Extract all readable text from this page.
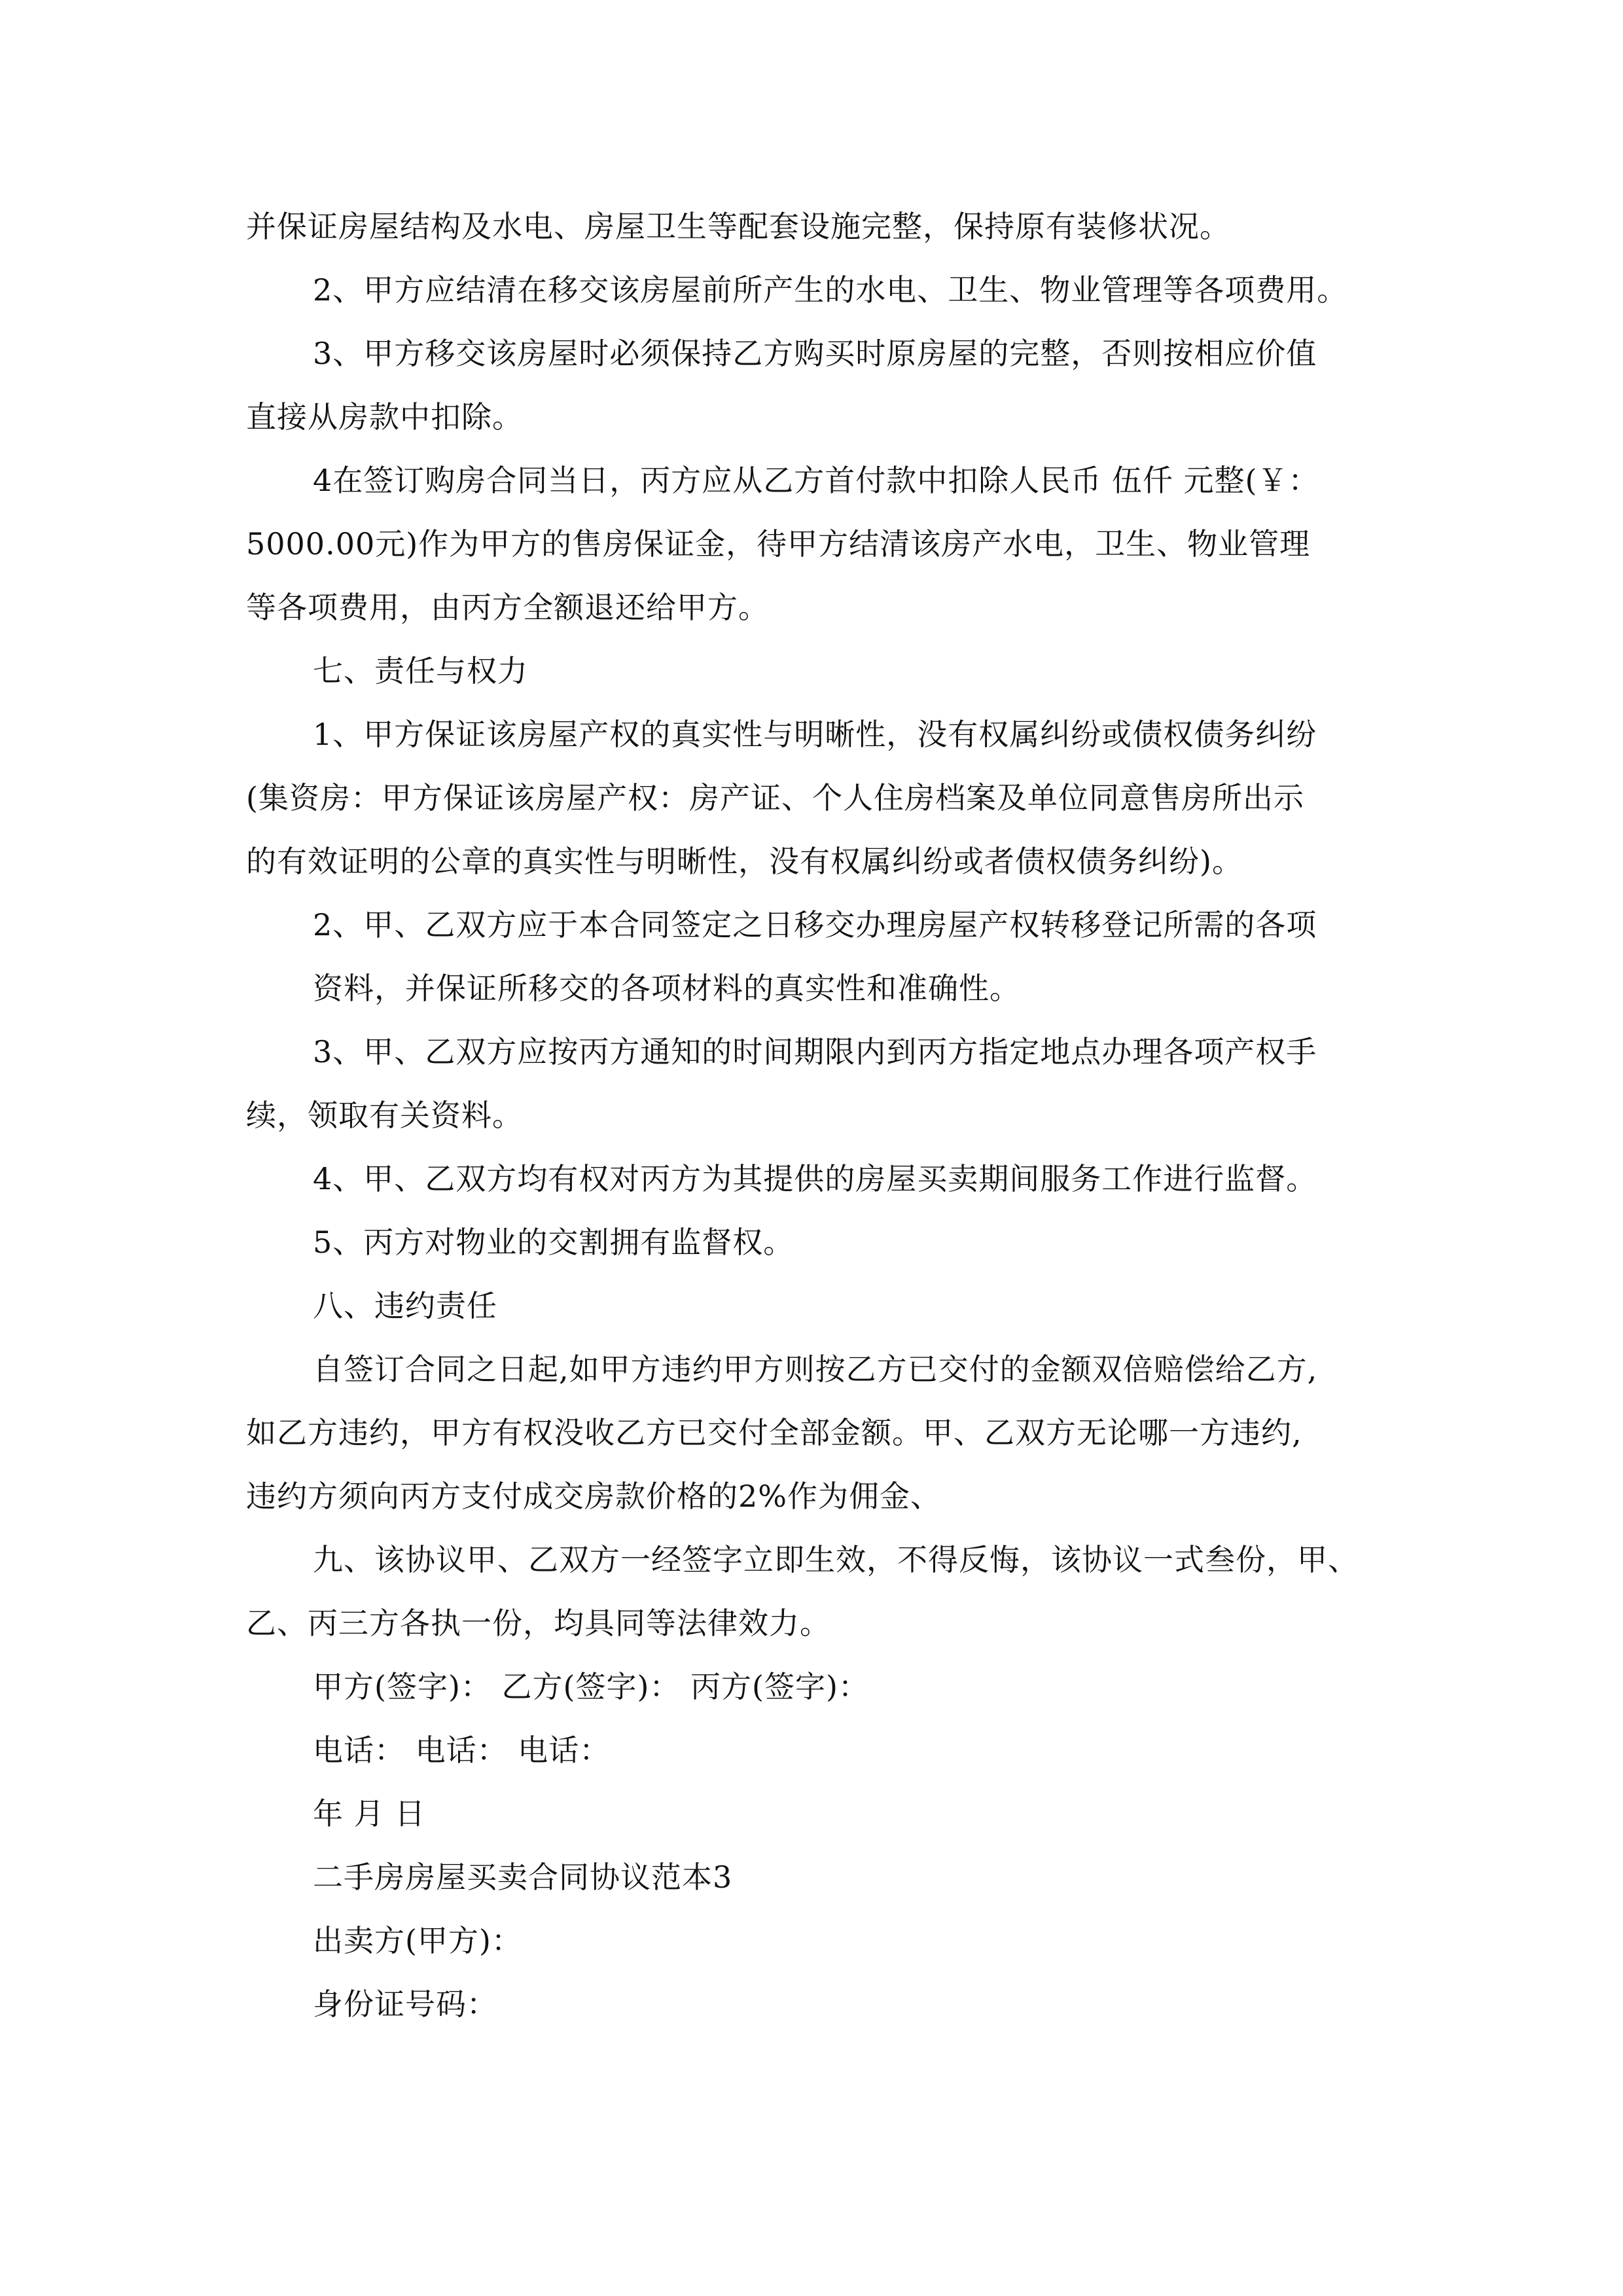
并保证房屋结构及水电、房屋卫生等配套设施完整，保持原有装修状况。
2、甲方应结清在移交该房屋前所产生的水电、卫生、物业管理等各项费用。
3、甲方移交该房屋时必须保持乙方购买时原房屋的完整，否则按相应价值
直接从房款中扣除。
4在签订购房合同当日，丙方应从乙方首付款中扣除人民币 伍仟 元整(￥：
5000.00元)作为甲方的售房保证金，待甲方结清该房产水电，卫生、物业管理
等各项费用，由丙方全额退还给甲方。
七、责任与权力
1、甲方保证该房屋产权的真实性与明晰性，没有权属纠纷或债权债务纠纷
(集资房：甲方保证该房屋产权：房产证、个人住房档案及单位同意售房所出示
的有效证明的公章的真实性与明晰性，没有权属纠纷或者债权债务纠纷)。
2、甲、乙双方应于本合同签定之日移交办理房屋产权转移登记所需的各项
资料，并保证所移交的各项材料的真实性和准确性。
3、甲、乙双方应按丙方通知的时间期限内到丙方指定地点办理各项产权手
续，领取有关资料。
4、甲、乙双方均有权对丙方为其提供的房屋买卖期间服务工作进行监督。
5、丙方对物业的交割拥有监督权。
八、违约责任
自签订合同之日起,如甲方违约甲方则按乙方已交付的金额双倍赔偿给乙方,
如乙方违约，甲方有权没收乙方已交付全部金额。甲、乙双方无论哪一方违约,
违约方须向丙方支付成交房款价格的2%作为佣金、
九、该协议甲、乙双方一经签字立即生效，不得反悔，该协议一式叁份，甲、
乙、丙三方各执一份，均具同等法律效力。
甲方(签字)： 乙方(签字)： 丙方(签字)：
电话： 电话： 电话：
年 月 日
二手房房屋买卖合同协议范本3
出卖方(甲方)：
身份证号码：
